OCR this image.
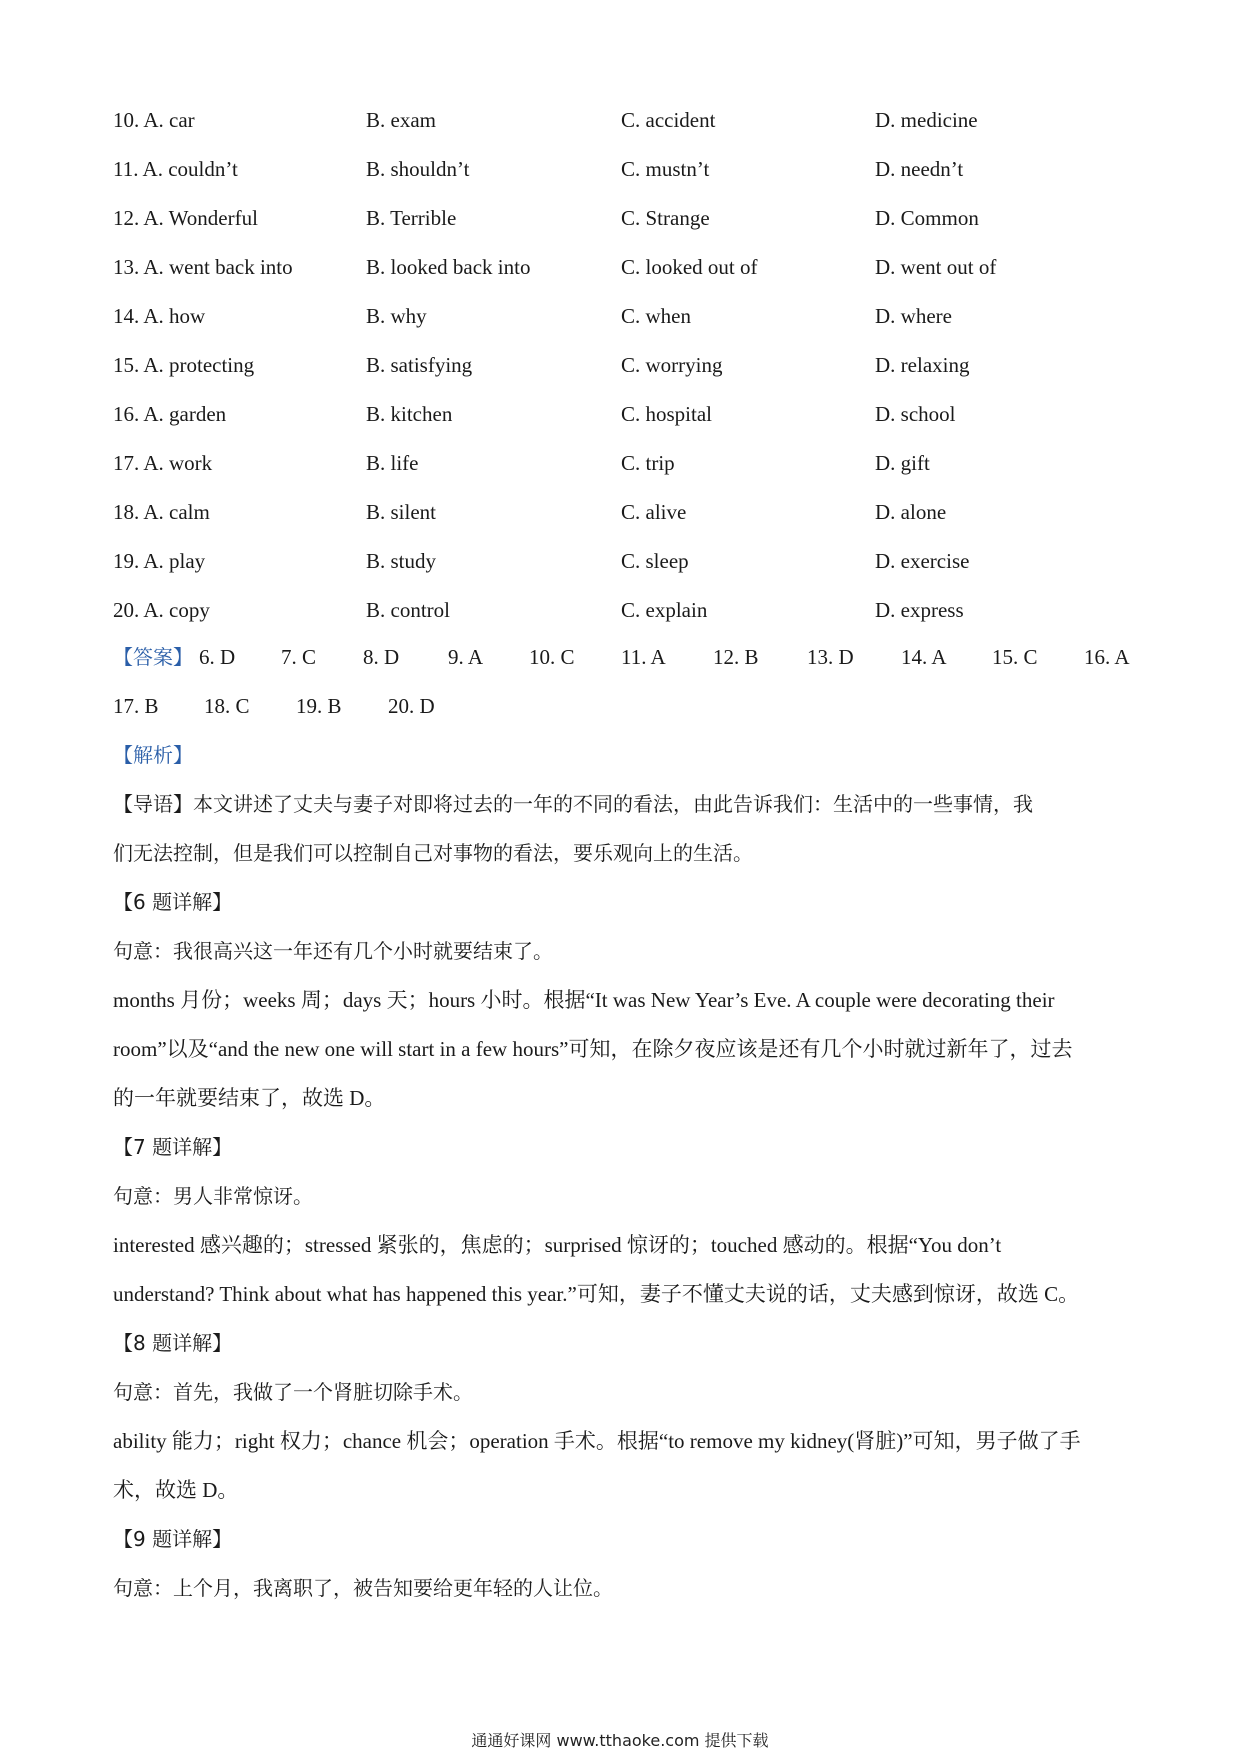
10. A. car	B. exam	C. accident	D. medicine
11. A. couldn’t	B. shouldn’t	C. mustn’t	D. needn’t
12. A. Wonderful	B. Terrible	C. Strange	D. Common
13. A. went back into	B. looked back into	C. looked out of	D. went out of
14. A. how	B. why	C. when	D. where
15. A. protecting	B. satisfying	C. worrying	D. relaxing
16. A. garden	B. kitchen	C. hospital	D. school
17. A. work	B. life	C. trip	D. gift
18. A. calm	B. silent	C. alive	D. alone
19. A. play	B. study	C. sleep	D. exercise
20. A. copy	B. control	C. explain	D. express
【答案】 6. D 7. C 8. D 9. A 10. C 11. A 12. B 13. D 14. A 15. C 16. A
17. B 18. C 19. B 20. D
【解析】
【导语】本文讲述了丈夫与妻子对即将过去的一年的不同的看法，由此告诉我们：生活中的一些事情，我
们无法控制，但是我们可以控制自己对事物的看法，要乐观向上的生活。
【6 题详解】
句意：我很高兴这一年还有几个小时就要结束了。
months 月份；weeks 周；days 天；hours 小时。根据“It was New Year’s Eve. A couple were decorating their
room”以及“and the new one will start in a few hours”可知，在除夕夜应该是还有几个小时就过新年了，过去
的一年就要结束了，故选 D。
【7 题详解】
句意：男人非常惊讶。
interested 感兴趣的；stressed 紧张的，焦虑的；surprised 惊讶的；touched 感动的。根据“You don’t
understand? Think about what has happened this year.”可知，妻子不懂丈夫说的话，丈夫感到惊讶，故选 C。
【8 题详解】
句意：首先，我做了一个肾脏切除手术。
ability 能力；right 权力；chance 机会；operation 手术。根据“to remove my kidney(肾脏)”可知，男子做了手
术，故选 D。
【9 题详解】
句意：上个月，我离职了，被告知要给更年轻的人让位。
通通好课网 www.tthaoke.com 提供下载
